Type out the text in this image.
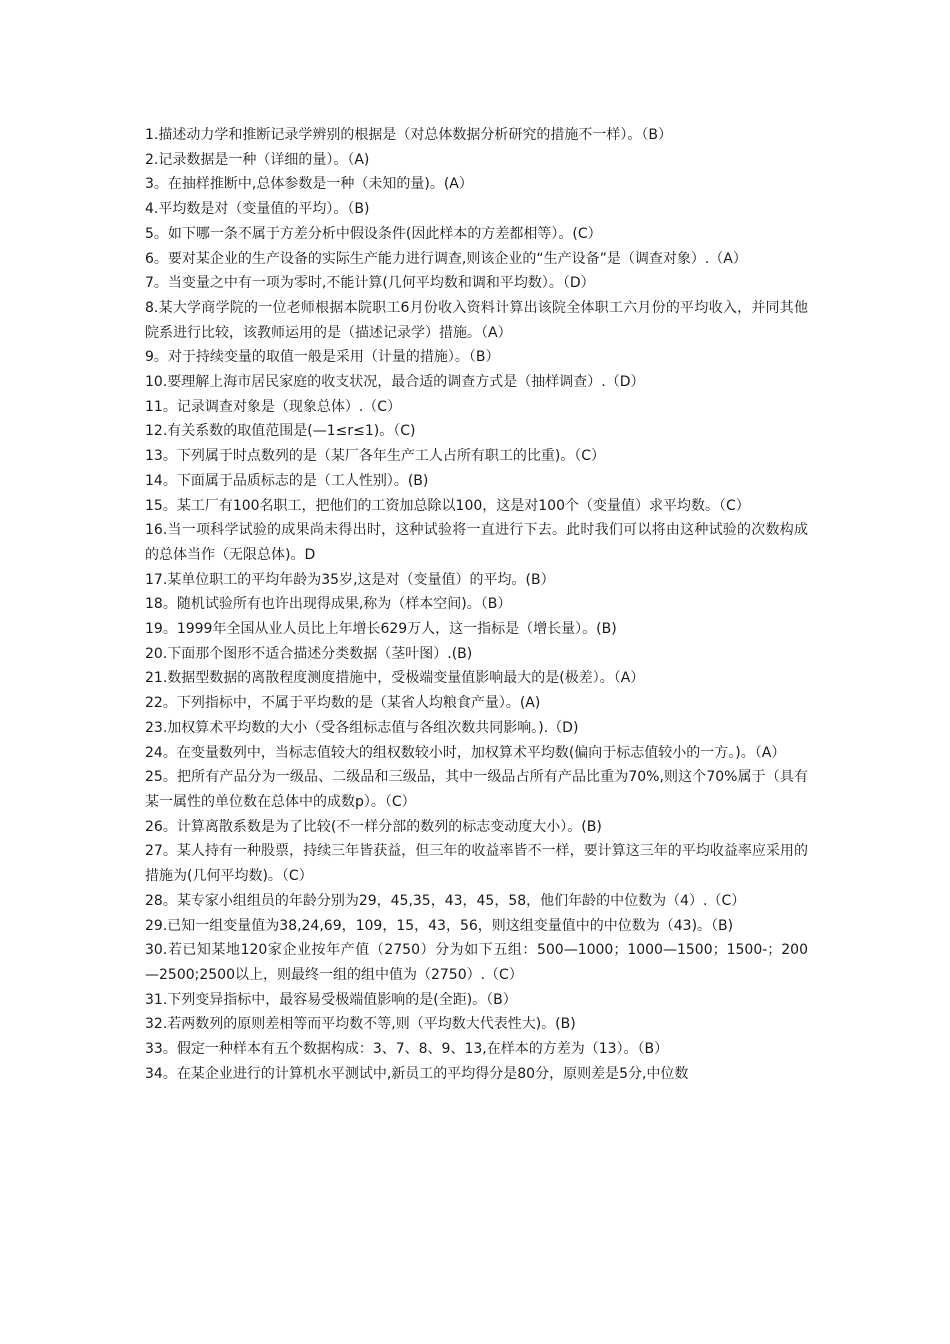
1.描述动力学和推断记录学辨别的根据是（对总体数据分析研究的措施不一样）。（B）

2.记录数据是一种（详细的量）。（A)

3。在抽样推断中,总体参数是一种（未知的量)。(A）

4.平均数是对（变量值的平均）。（B)

5。如下哪一条不属于方差分析中假设条件(因此样本的方差都相等）。(C）

6。要对某企业的生产设备的实际生产能力进行调查,则该企业的“生产设备”是（调查对象）.（A）

7。当变量之中有一项为零时,不能计算(几何平均数和调和平均数）。（D）

8.某大学商学院的一位老师根据本院职工6月份收入资料计算出该院全体职工六月份的平均收入，并同其他院系进行比较，该教师运用的是（描述记录学）措施。（A）

9。对于持续变量的取值一般是采用（计量的措施）。（B）

10.要理解上海市居民家庭的收支状况，最合适的调查方式是（抽样调查）.（D）

11。记录调查对象是（现象总体）.（C）

12.有关系数的取值范围是(—1≤r≤1)。（C)

13。下列属于时点数列的是（某厂各年生产工人占所有职工的比重)。（C）

14。下面属于品质标志的是（工人性别）。(B)

15。某工厂有100名职工，把他们的工资加总除以100，这是对100个（变量值）求平均数。（C）

16.当一项科学试验的成果尚未得出时，这种试验将一直进行下去。此时我们可以将由这种试验的次数构成的总体当作（无限总体)。D

17.某单位职工的平均年龄为35岁,这是对（变量值）的平均。(B）

18。随机试验所有也许出现得成果,称为（样本空间)。（B）

19。1999年全国从业人员比上年增长629万人，这一指标是（增长量）。(B)

20.下面那个图形不适合描述分类数据（茎叶图）.(B)

21.数据型数据的离散程度测度措施中，受极端变量值影响最大的是(极差）。（A）

22。下列指标中，不属于平均数的是（某省人均粮食产量）。(A)

23.加权算术平均数的大小（受各组标志值与各组次数共同影响。).（D)

24。在变量数列中，当标志值较大的组权数较小时，加权算术平均数(偏向于标志值较小的一方。)。（A）

25。把所有产品分为一级品、二级品和三级品，其中一级品占所有产品比重为70%,则这个70%属于（具有某一属性的单位数在总体中的成数p）。（C）

26。计算离散系数是为了比较(不一样分部的数列的标志变动度大小）。(B)

27。某人持有一种股票，持续三年皆获益，但三年的收益率皆不一样，要计算这三年的平均收益率应采用的措施为(几何平均数)。（C）

28。某专家小组组员的年龄分别为29，45,35，43，45，58，他们年龄的中位数为（4）.（C）

29.已知一组变量值为38,24,69，109，15，43，56，则这组变量值中的中位数为（43)。（B)

30.若已知某地120家企业按年产值（2750）分为如下五组：500—1000；1000—1500；1500-；200—2500;2500以上，则最终一组的组中值为（2750）.（C）

31.下列变异指标中，最容易受极端值影响的是(全距)。（B）

32.若两数列的原则差相等而平均数不等,则（平均数大代表性大)。(B)

33。假定一种样本有五个数据构成：3、7、8、9、13,在样本的方差为（13）。（B）

34。在某企业进行的计算机水平测试中,新员工的平均得分是80分，原则差是5分,中位数
